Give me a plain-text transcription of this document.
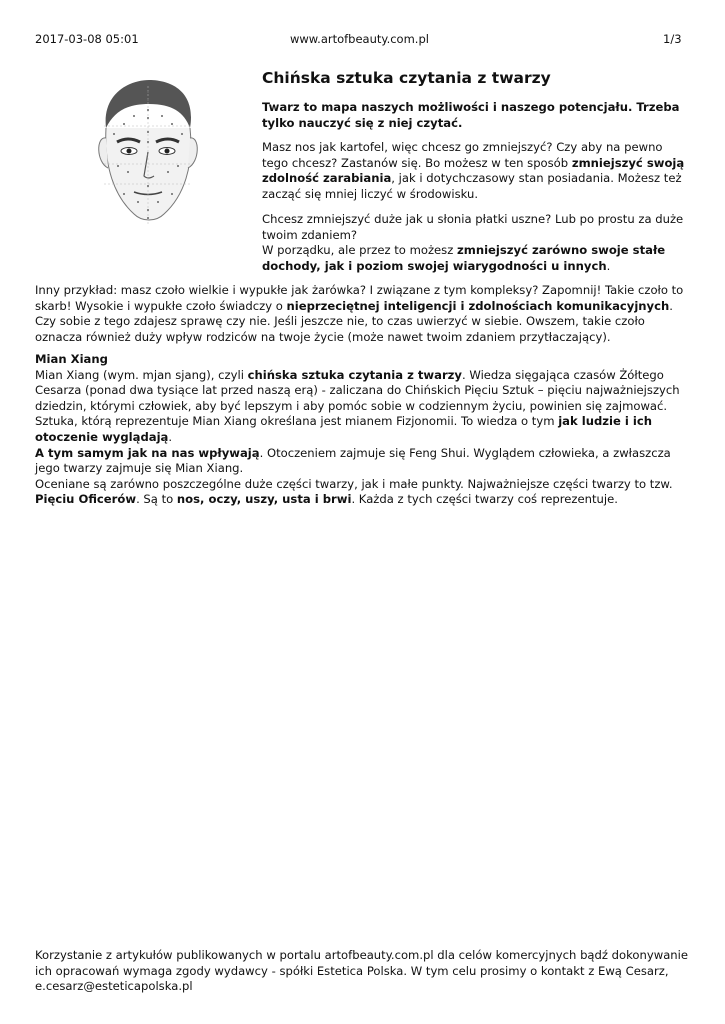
2017-03-08 05:01	www.artofbeauty.com.pl	1/3
Chińska sztuka czytania z twarzy
Twarz to mapa naszych możliwości i naszego potencjału. Trzeba tylko nauczyć się z niej czytać.

Masz nos jak kartofel, więc chcesz go zmniejszyć? Czy aby na pewno tego chcesz? Zastanów się. Bo możesz w ten sposób zmniejszyć swoją zdolność zarabiania, jak i dotychczasowy stan posiadania. Możesz też zacząć się mniej liczyć w środowisku.

Chcesz zmniejszyć duże jak u słonia płatki uszne? Lub po prostu za duże twoim zdaniem?
W porządku, ale przez to możesz zmniejszyć zarówno swoje stałe dochody, jak i poziom swojej wiarygodności u innych.

Inny przykład: masz czoło wielkie i wypukłe jak żarówka? I związane z tym kompleksy? Zapomnij! Takie czoło to skarb! Wysokie i wypukłe czoło świadczy o nieprzeciętnej inteligencji i zdolnościach komunikacyjnych. Czy sobie z tego zdajesz sprawę czy nie. Jeśli jeszcze nie, to czas uwierzyć w siebie. Owszem, takie czoło oznacza również duży wpływ rodziców na twoje życie (może nawet twoim zdaniem przytłaczający).

Mian Xiang
Mian Xiang (wym. mjan sjang), czyli chińska sztuka czytania z twarzy. Wiedza sięgająca czasów Żółtego Cesarza (ponad dwa tysiące lat przed naszą erą) - zaliczana do Chińskich Pięciu Sztuk – pięciu najważniejszych dziedzin, którymi człowiek, aby być lepszym i aby pomóc sobie w codziennym życiu, powinien się zajmować. Sztuka, którą reprezentuje Mian Xiang określana jest mianem Fizjonomii. To wiedza o tym jak ludzie i ich otoczenie wyglądają.
A tym samym jak na nas wpływają. Otoczeniem zajmuje się Feng Shui. Wyglądem człowieka, a zwłaszcza jego twarzy zajmuje się Mian Xiang.
Oceniane są zarówno poszczególne duże części twarzy, jak i małe punkty. Najważniejsze części twarzy to tzw. Pięciu Oficerów. Są to nos, oczy, uszy, usta i brwi. Każda z tych części twarzy coś reprezentuje.
Korzystanie z artykułów publikowanych w portalu artofbeauty.com.pl dla celów komercyjnych bądź dokonywanie ich opracowań wymaga zgody wydawcy - spółki Estetica Polska. W tym celu prosimy o kontakt z Ewą Cesarz, e.cesarz@esteticapolska.pl
